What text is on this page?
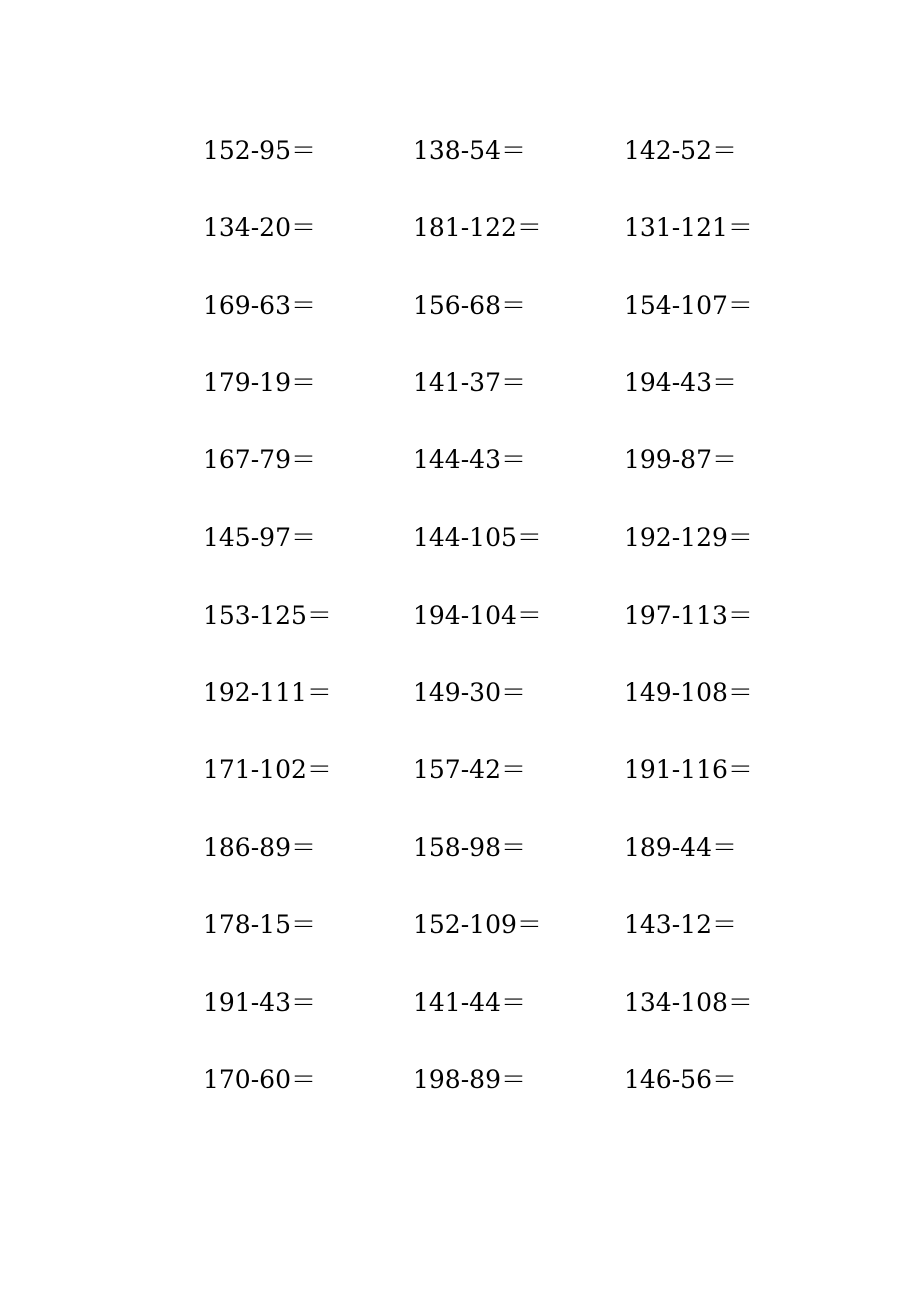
152-95＝	138-54＝	142-52＝
134-20＝	181-122＝	131-121＝
169-63＝	156-68＝	154-107＝
179-19＝	141-37＝	194-43＝
167-79＝	144-43＝	199-87＝
145-97＝	144-105＝	192-129＝
153-125＝	194-104＝	197-113＝
192-111＝	149-30＝	149-108＝
171-102＝	157-42＝	191-116＝
186-89＝	158-98＝	189-44＝
178-15＝	152-109＝	143-12＝
191-43＝	141-44＝	134-108＝
170-60＝	198-89＝	146-56＝
